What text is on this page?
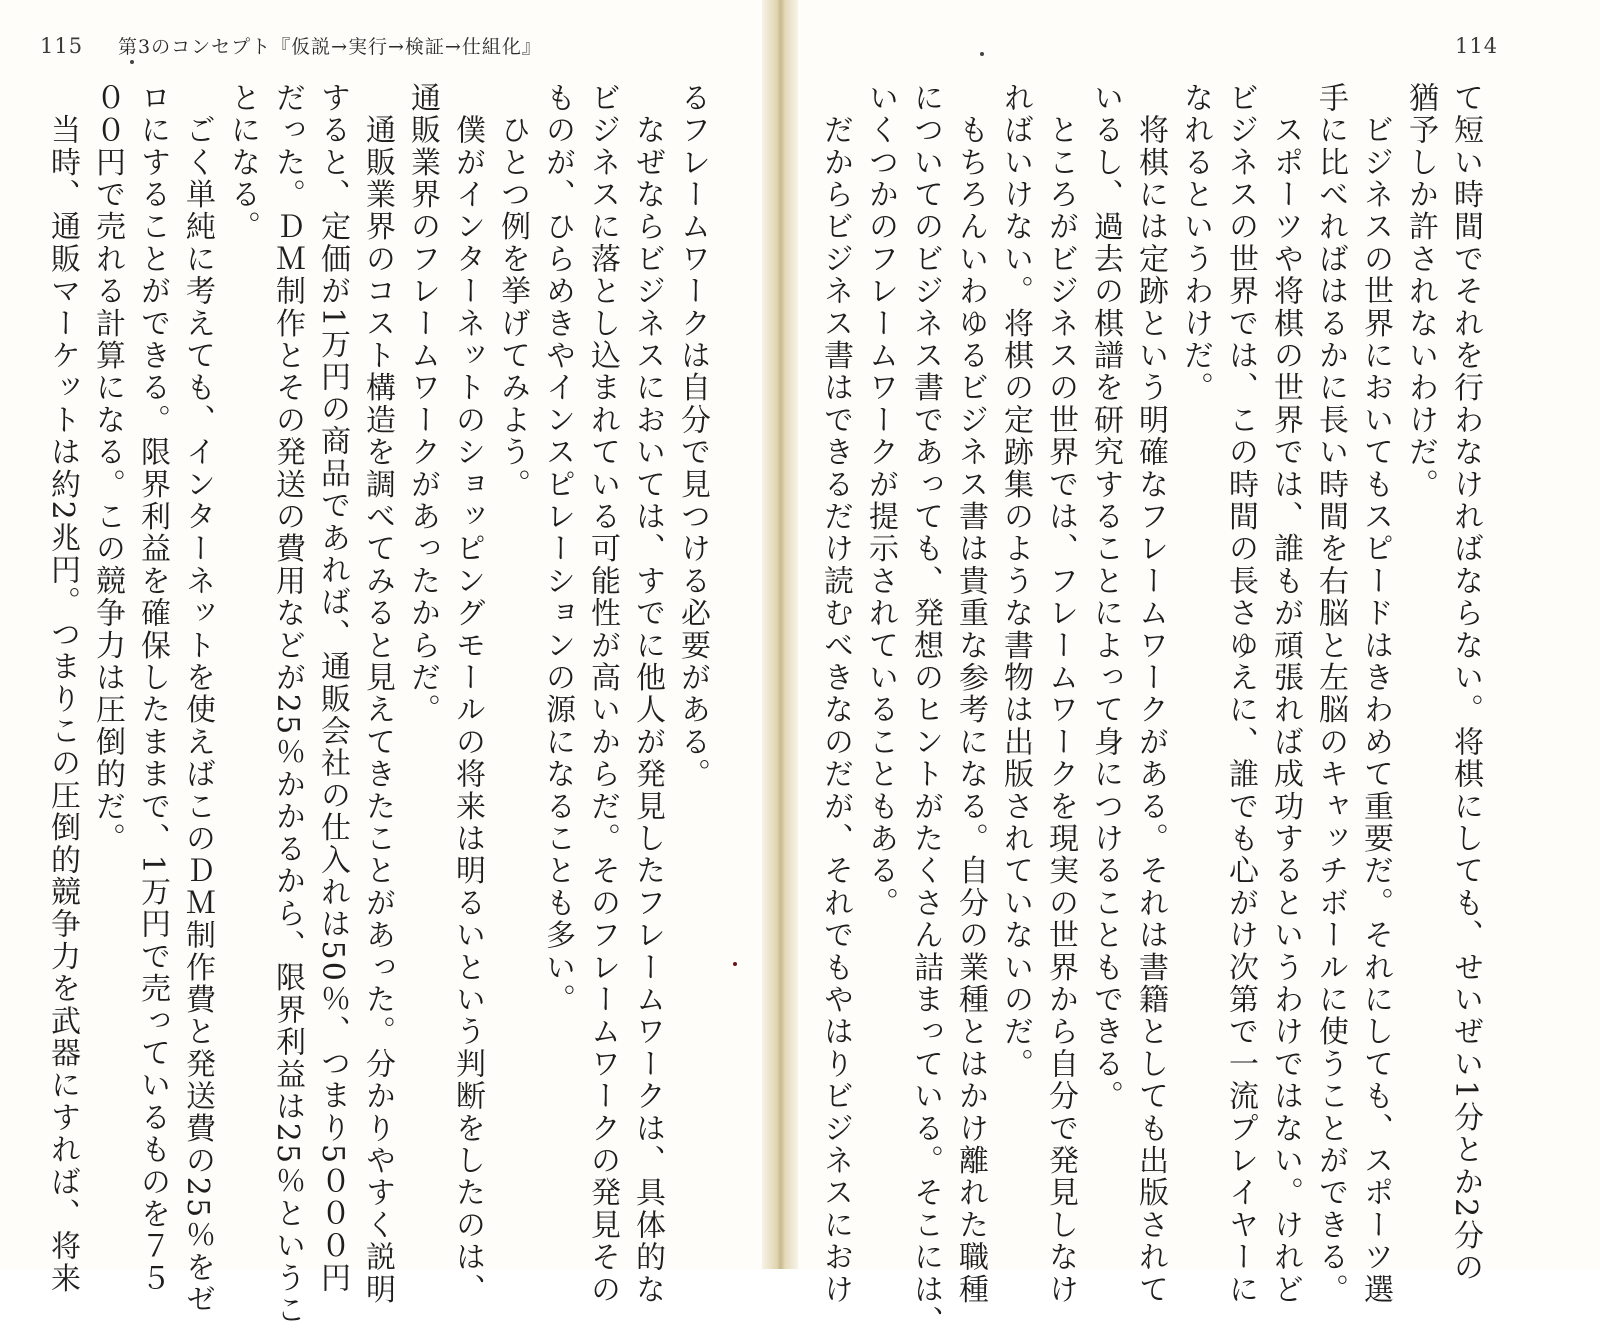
115 第3のコンセプト『仮説→実行→検証→仕組化』	114
て短い時間でそれを行わなければならない。将棋にしても、せいぜい1分とか2分の
猶予しか許されないわけだ。
　ビジネスの世界においてもスピードはきわめて重要だ。それにしても、スポーツ選
手に比べればはるかに長い時間を右脳と左脳のキャッチボールに使うことができる。
　スポーツや将棋の世界では、誰もが頑張れば成功するというわけではない。けれど
ビジネスの世界では、この時間の長さゆえに、誰でも心がけ次第で一流プレイヤーに
なれるというわけだ。
　将棋には定跡という明確なフレームワークがある。それは書籍としても出版されて
いるし、過去の棋譜を研究することによって身につけることもできる。
　ところがビジネスの世界では、フレームワークを現実の世界から自分で発見しなけ
ればいけない。将棋の定跡集のような書物は出版されていないのだ。
　もちろんいわゆるビジネス書は貴重な参考になる。自分の業種とはかけ離れた職種
についてのビジネス書であっても、発想のヒントがたくさん詰まっている。そこには、
いくつかのフレームワークが提示されていることもある。
　だからビジネス書はできるだけ読むべきなのだが、それでもやはりビジネスにおけ
るフレームワークは自分で見つける必要がある。
　なぜならビジネスにおいては、すでに他人が発見したフレームワークは、具体的な
ビジネスに落とし込まれている可能性が高いからだ。そのフレームワークの発見その
ものが、ひらめきやインスピレーションの源になることも多い。
　ひとつ例を挙げてみよう。
　僕がインターネットのショッピングモールの将来は明るいという判断をしたのは、
通販業界のフレームワークがあったからだ。
　通販業界のコスト構造を調べてみると見えてきたことがあった。分かりやすく説明
すると、定価が1万円の商品であれば、通販会社の仕入れは50％、つまり5０００円
だった。ＤＭ制作とその発送の費用などが25％かかるから、限界利益は25％というこ
とになる。
　ごく単純に考えても、インターネットを使えばこのＤＭ制作費と発送費の25％をゼ
ロにすることができる。限界利益を確保したままで、1万円で売っているものを７５
００円で売れる計算になる。この競争力は圧倒的だ。
　当時、通販マーケットは約2兆円。つまりこの圧倒的競争力を武器にすれば、将来
